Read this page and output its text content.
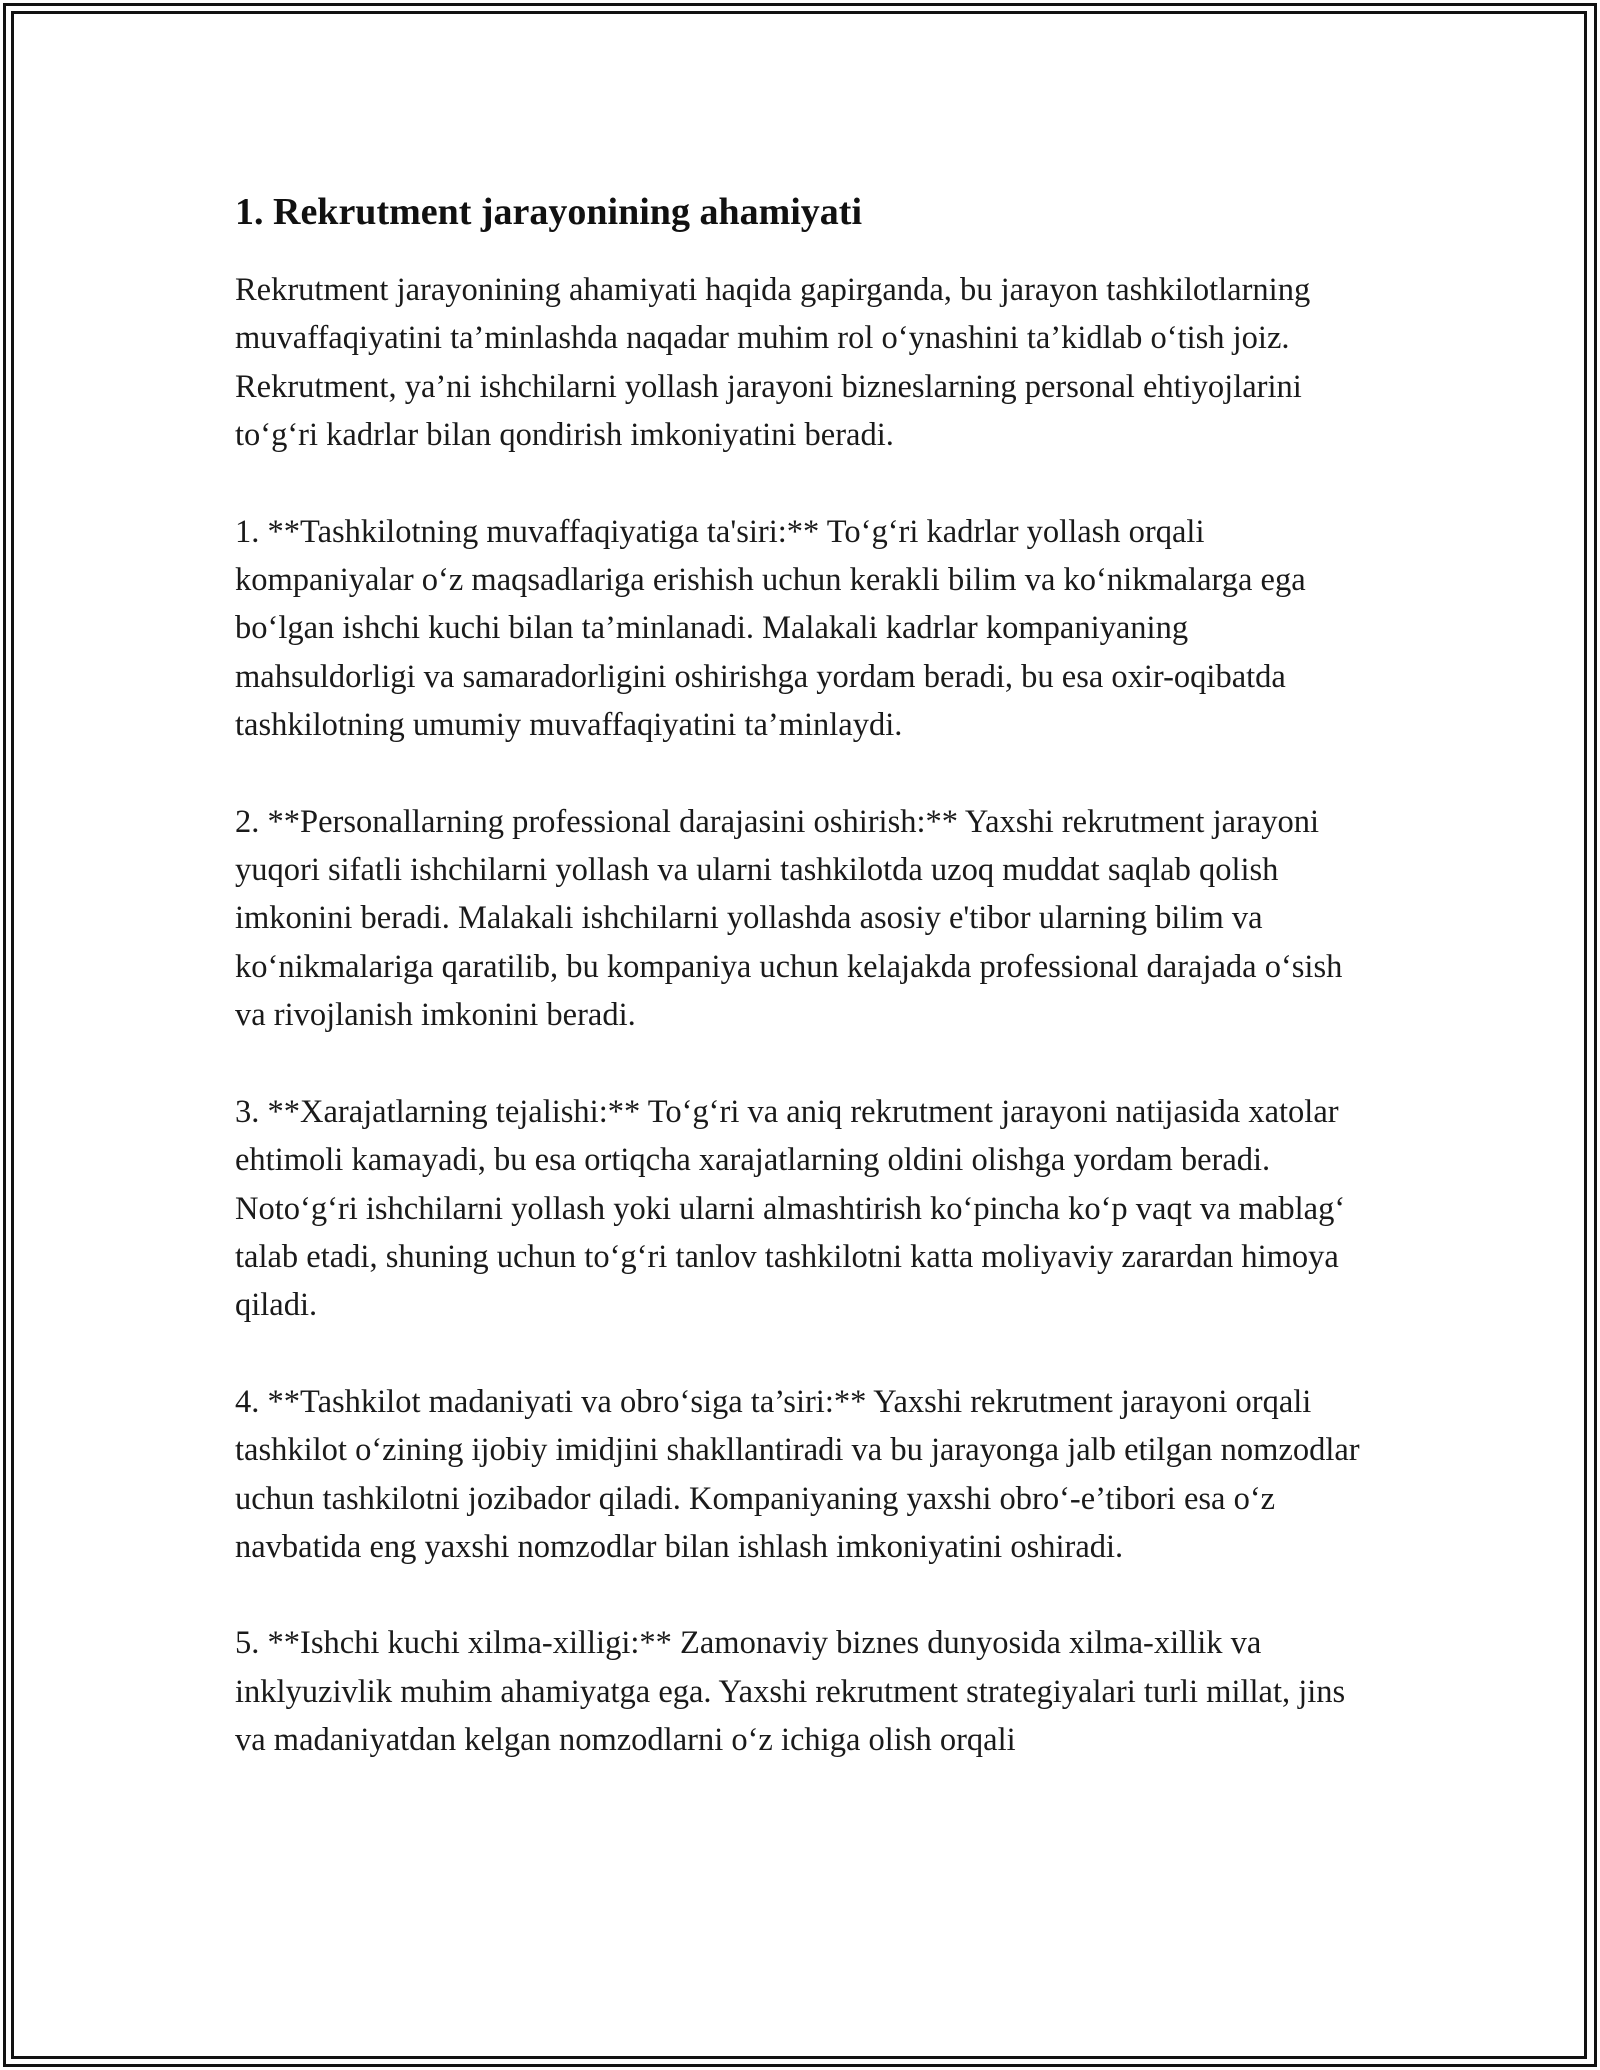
1. Rekrutment jarayonining ahamiyati

Rekrutment jarayonining ahamiyati haqida gapirganda, bu jarayon tashkilotlarning muvaffaqiyatini ta’minlashda naqadar muhim rol o‘ynashini ta’kidlab o‘tish joiz. Rekrutment, ya’ni ishchilarni yollash jarayoni bizneslarning personal ehtiyojlarini to‘g‘ri kadrlar bilan qondirish imkoniyatini beradi.

1. **Tashkilotning muvaffaqiyatiga ta'siri:** To‘g‘ri kadrlar yollash orqali kompaniyalar o‘z maqsadlariga erishish uchun kerakli bilim va ko‘nikmalarga ega bo‘lgan ishchi kuchi bilan ta’minlanadi. Malakali kadrlar kompaniyaning mahsuldorligi va samaradorligini oshirishga yordam beradi, bu esa oxir-oqibatda tashkilotning umumiy muvaffaqiyatini ta’minlaydi.

2. **Personallarning professional darajasini oshirish:** Yaxshi rekrutment jarayoni yuqori sifatli ishchilarni yollash va ularni tashkilotda uzoq muddat saqlab qolish imkonini beradi. Malakali ishchilarni yollashda asosiy e'tibor ularning bilim va ko‘nikmalariga qaratilib, bu kompaniya uchun kelajakda professional darajada o‘sish va rivojlanish imkonini beradi.

3. **Xarajatlarning tejalishi:** To‘g‘ri va aniq rekrutment jarayoni natijasida xatolar ehtimoli kamayadi, bu esa ortiqcha xarajatlarning oldini olishga yordam beradi. Noto‘g‘ri ishchilarni yollash yoki ularni almashtirish ko‘pincha ko‘p vaqt va mablag‘ talab etadi, shuning uchun to‘g‘ri tanlov tashkilotni katta moliyaviy zarardan himoya qiladi.

4. **Tashkilot madaniyati va obro‘siga ta’siri:** Yaxshi rekrutment jarayoni orqali tashkilot o‘zining ijobiy imidjini shakllantiradi va bu jarayonga jalb etilgan nomzodlar uchun tashkilotni jozibador qiladi. Kompaniyaning yaxshi obro‘-e’tibori esa o‘z navbatida eng yaxshi nomzodlar bilan ishlash imkoniyatini oshiradi.

5. **Ishchi kuchi xilma-xilligi:** Zamonaviy biznes dunyosida xilma-xillik va inklyuzivlik muhim ahamiyatga ega. Yaxshi rekrutment strategiyalari turli millat, jins va madaniyatdan kelgan nomzodlarni o‘z ichiga olish orqali
